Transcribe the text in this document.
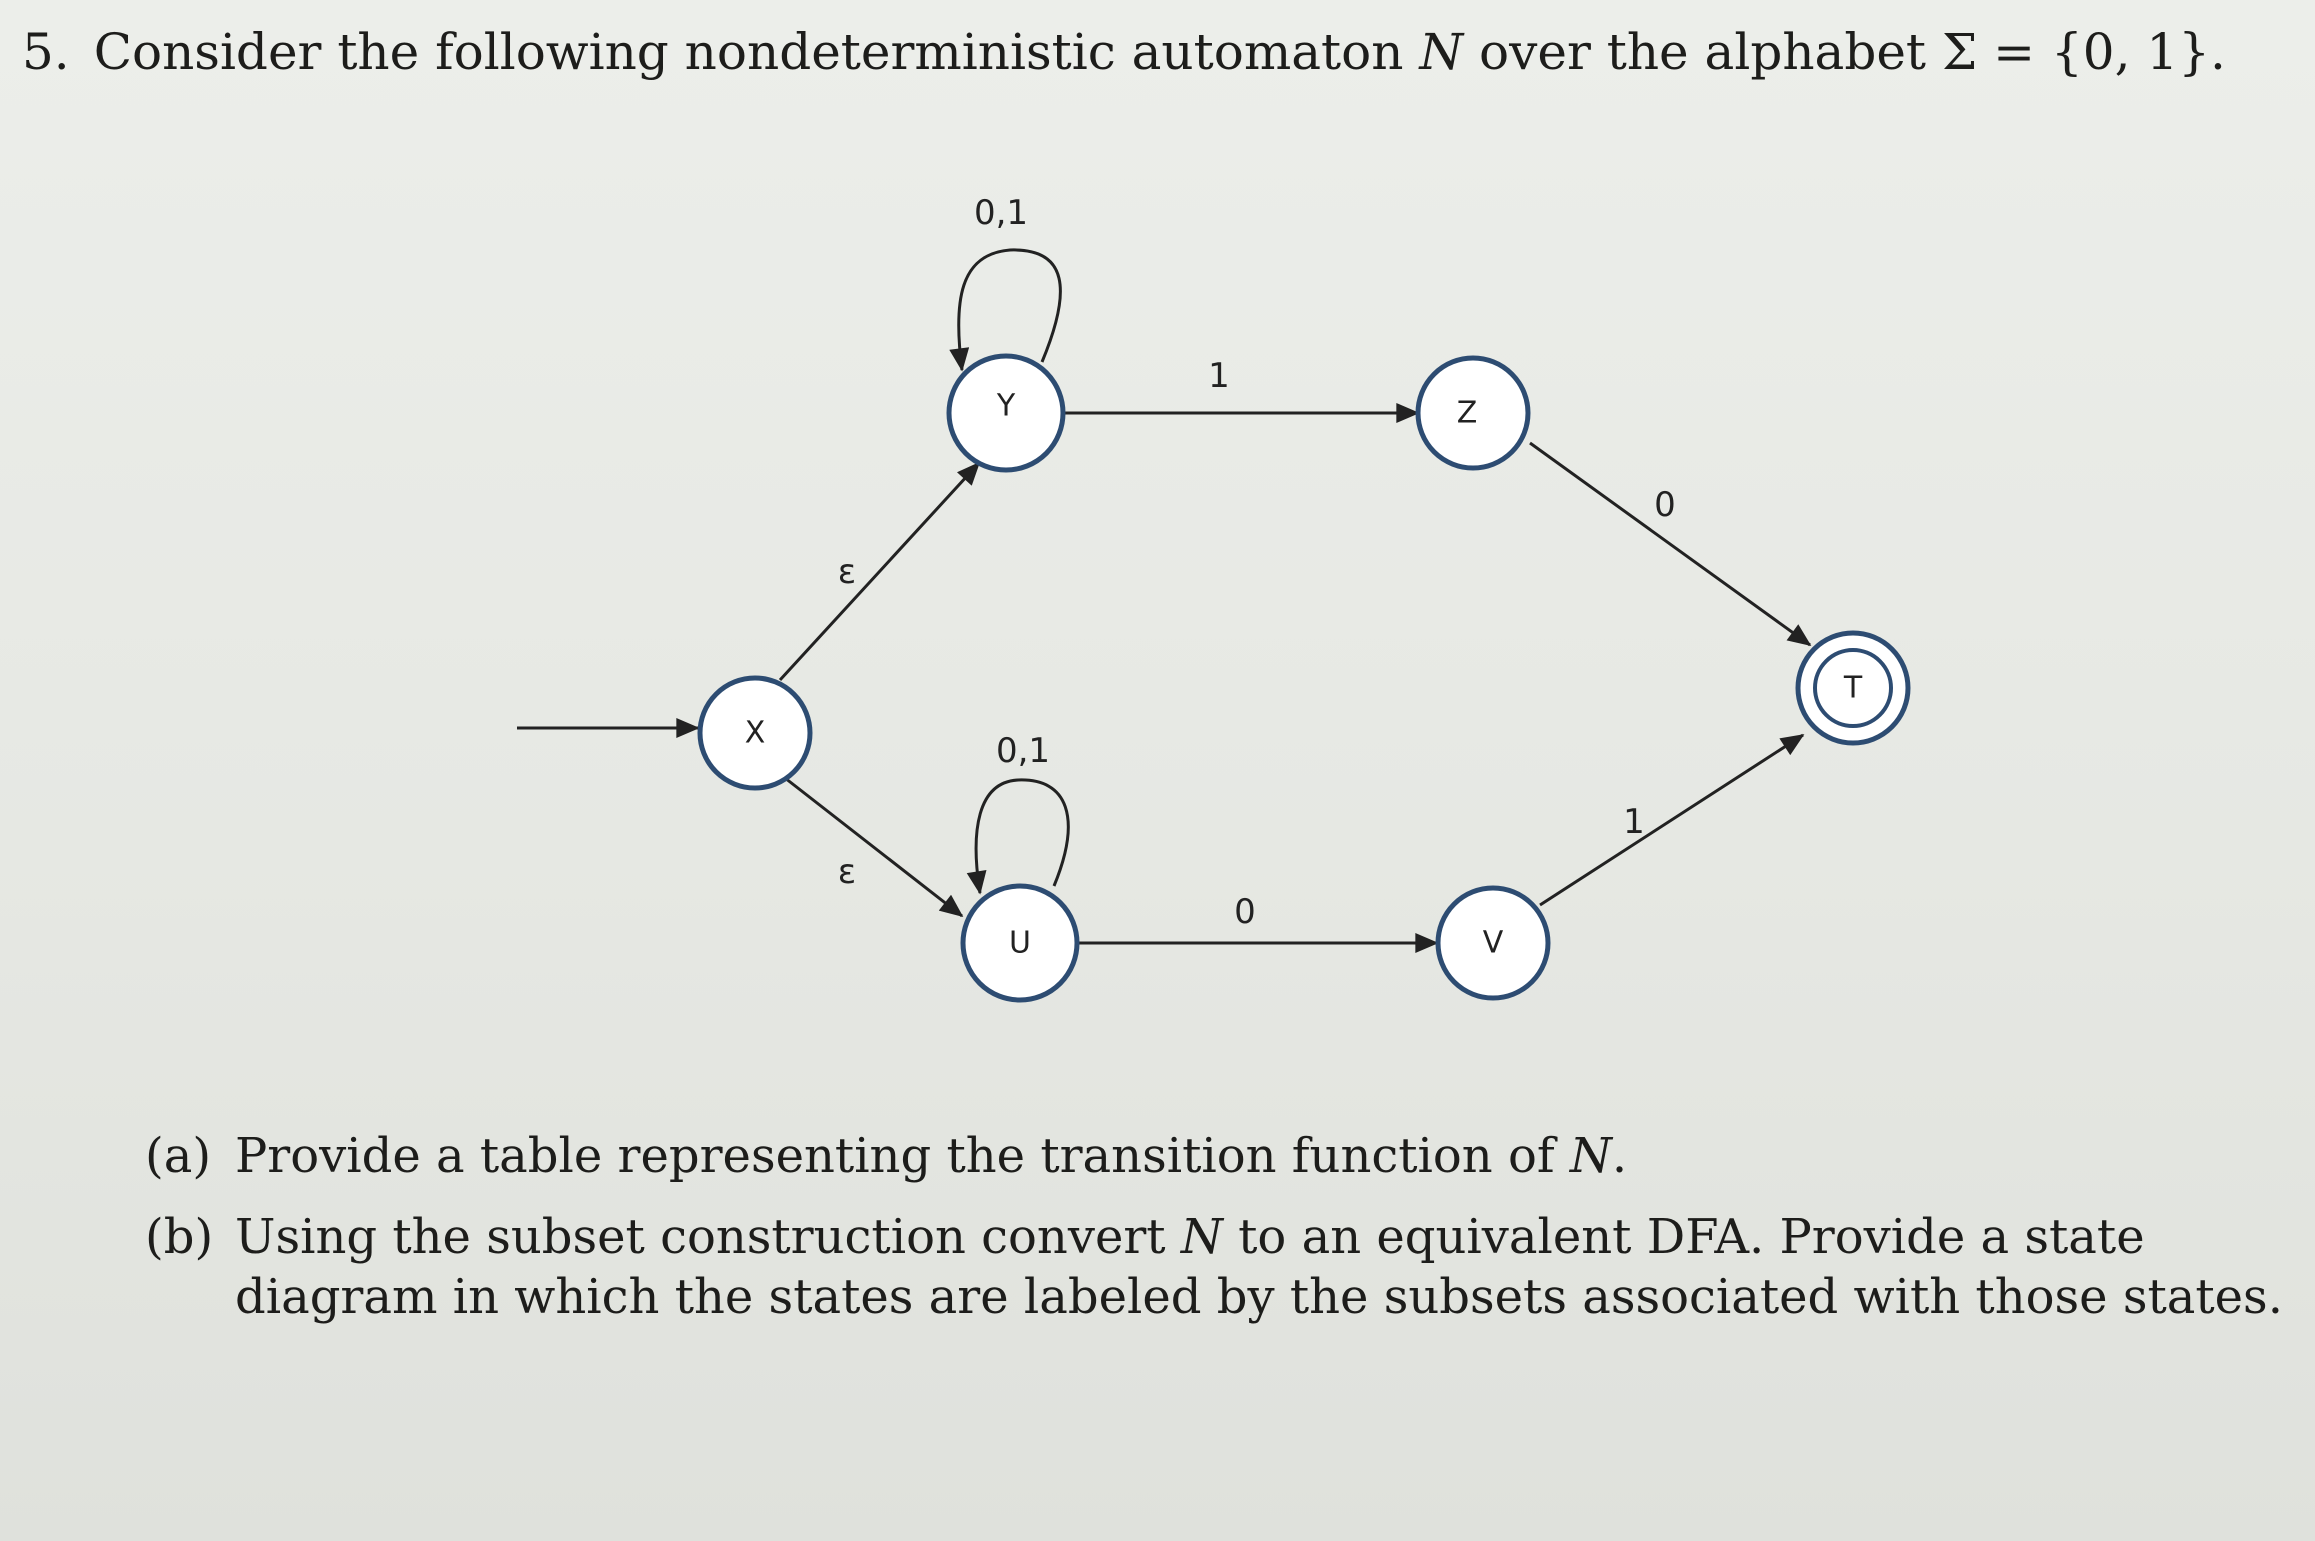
5. Consider the following nondeterministic automaton N over the alphabet Σ = {0, 1}.
X
Y
U
Z
V
T
ε
ε
0,1
0,1
1
0
0
1
(a) Provide a table representing the transition function of N.
(b) Using the subset construction convert N to an equivalent DFA. Provide a state diagram in which the states are labeled by the subsets associated with those states.
